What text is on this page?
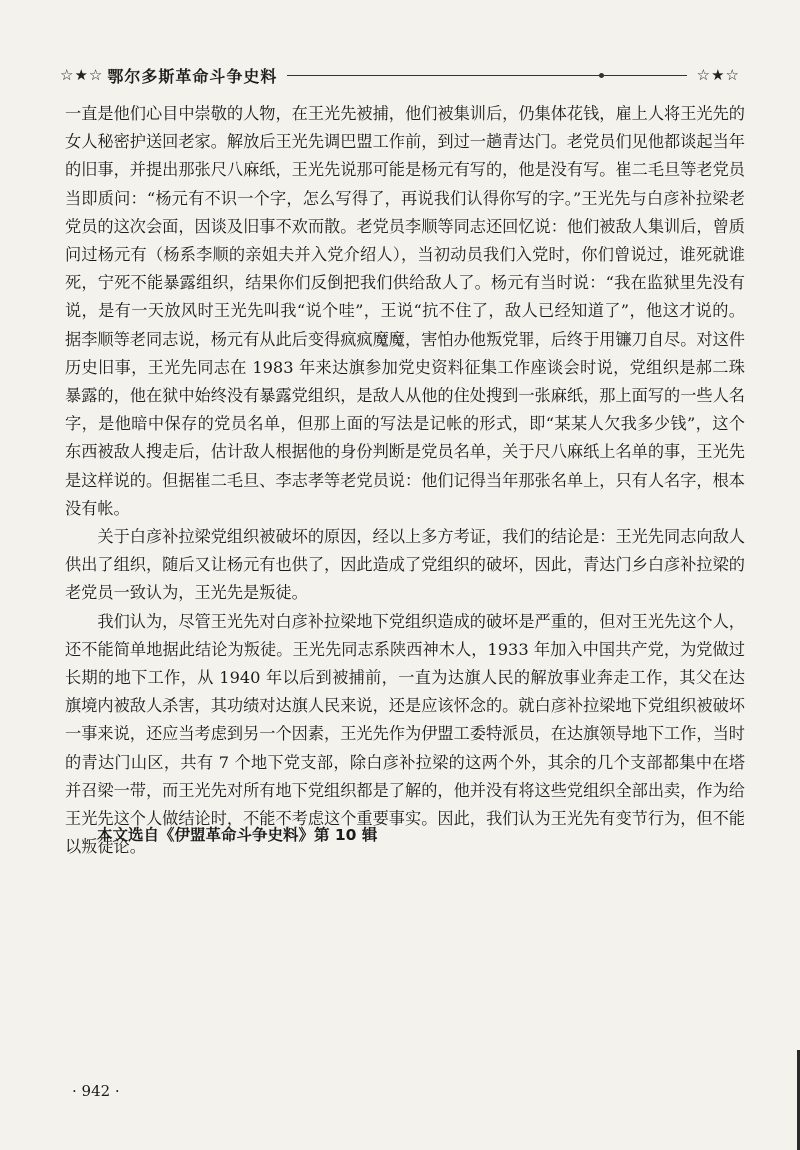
☆★☆ 鄂尔多斯革命斗争史料	☆★☆

一直是他们心目中崇敬的人物，在王光先被捕，他们被集训后，仍集体花钱，雇上人将王光先的女人秘密护送回老家。解放后王光先调巴盟工作前，到过一趟青达门。老党员们见他都谈起当年的旧事，并提出那张尺八麻纸，王光先说那可能是杨元有写的，他是没有写。崔二毛旦等老党员当即质问：“杨元有不识一个字，怎么写得了，再说我们认得你写的字。”王光先与白彦补拉梁老党员的这次会面，因谈及旧事不欢而散。老党员李顺等同志还回忆说：他们被敌人集训后，曾质问过杨元有（杨系李顺的亲姐夫并入党介绍人），当初动员我们入党时，你们曾说过，谁死就谁死，宁死不能暴露组织，结果你们反倒把我们供给敌人了。杨元有当时说：“我在监狱里先没有说，是有一天放风时王光先叫我“说个哇”，王说“抗不住了，敌人已经知道了”，他这才说的。据李顺等老同志说，杨元有从此后变得疯疯魔魔，害怕办他叛党罪，后终于用镰刀自尽。对这件历史旧事，王光先同志在 1983 年来达旗参加党史资料征集工作座谈会时说，党组织是郝二珠暴露的，他在狱中始终没有暴露党组织，是敌人从他的住处搜到一张麻纸，那上面写的一些人名字，是他暗中保存的党员名单，但那上面的写法是记帐的形式，即“某某人欠我多少钱”，这个东西被敌人搜走后，估计敌人根据他的身份判断是党员名单，关于尺八麻纸上名单的事，王光先是这样说的。但据崔二毛旦、李志孝等老党员说：他们记得当年那张名单上，只有人名字，根本没有帐。

关于白彦补拉梁党组织被破坏的原因，经以上多方考证，我们的结论是：王光先同志向敌人供出了组织，随后又让杨元有也供了，因此造成了党组织的破坏，因此，青达门乡白彦补拉梁的老党员一致认为，王光先是叛徒。

我们认为，尽管王光先对白彦补拉梁地下党组织造成的破坏是严重的，但对王光先这个人，还不能简单地据此结论为叛徒。王光先同志系陕西神木人，1933 年加入中国共产党，为党做过长期的地下工作，从 1940 年以后到被捕前，一直为达旗人民的解放事业奔走工作，其父在达旗境内被敌人杀害，其功绩对达旗人民来说，还是应该怀念的。就白彦补拉梁地下党组织被破坏一事来说，还应当考虑到另一个因素，王光先作为伊盟工委特派员，在达旗领导地下工作，当时的青达门山区，共有 7 个地下党支部，除白彦补拉梁的这两个外，其余的几个支部都集中在塔并召梁一带，而王光先对所有地下党组织都是了解的，他并没有将这些党组织全部出卖，作为给王光先这个人做结论时，不能不考虑这个重要事实。因此，我们认为王光先有变节行为，但不能以叛徒论。

本文选自《伊盟革命斗争史料》第 10 辑
· 942 ·
